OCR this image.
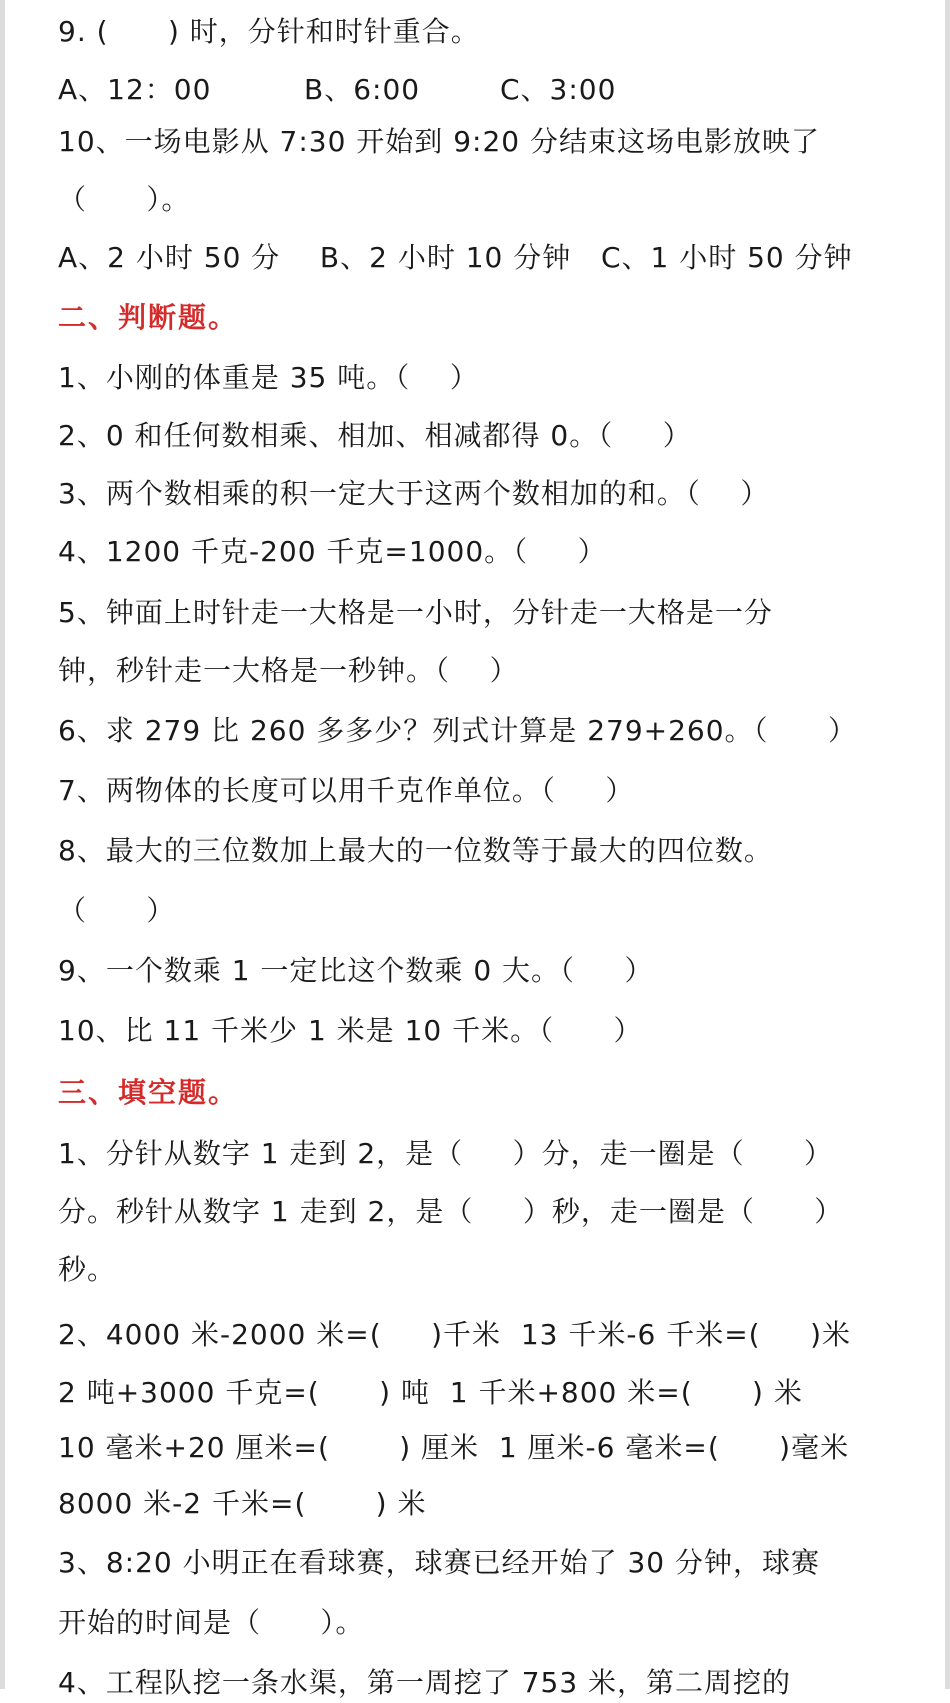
9. (      ) 时，分针和时针重合。
A、12：00	B、6:00	C、3:00
10、一场电影从 7:30 开始到 9:20 分结束这场电影放映了
（      ）。
A、2 小时 50 分    B、2 小时 10 分钟   C、1 小时 50 分钟
二、判断题。
1、小刚的体重是 35 吨。（    ）
2、0 和任何数相乘、相加、相减都得 0。（     ）
3、两个数相乘的积一定大于这两个数相加的和。（    ）
4、1200 千克-200 千克=1000。（     ）
5、钟面上时针走一大格是一小时，分针走一大格是一分
钟，秒针走一大格是一秒钟。（    ）
6、求 279 比 260 多多少？列式计算是 279+260。（      ）
7、两物体的长度可以用千克作单位。（     ）
8、最大的三位数加上最大的一位数等于最大的四位数。
（      ）
9、一个数乘 1 一定比这个数乘 0 大。（     ）
10、比 11 千米少 1 米是 10 千米。（      ）
三、填空题。
1、分针从数字 1 走到 2，是（     ）分，走一圈是（      ）
分。秒针从数字 1 走到 2，是（     ）秒，走一圈是（      ）
秒。
2、4000 米-2000 米=(     )千米  13 千米-6 千米=(     )米
2 吨+3000 千克=(      ) 吨  1 千米+800 米=(      ) 米
10 毫米+20 厘米=(       ) 厘米  1 厘米-6 毫米=(      )毫米
8000 米-2 千米=(       ) 米
3、8:20 小明正在看球赛，球赛已经开始了 30 分钟，球赛
开始的时间是（      ）。
4、工程队挖一条水渠，第一周挖了 753 米，第二周挖的
